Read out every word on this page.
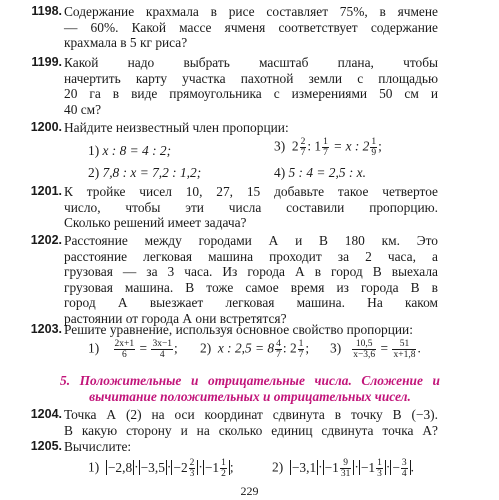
1198. Содержание крахмала в рисе составляет 75%, в ячмене
— 60%. Какой массе ячменя соответствует содержание
крахмала в 5 кг риса?
1199. Какой надо выбрать масштаб плана, чтобы
начертить карту участка пахотной земли с площадью
20 га в виде прямоугольника с измерениями 50 см и
40 см?
1200. Найдите неизвестный член пропорции:
1) x : 8 = 4 : 2;	3) $2 \frac{2}{7}$ : $1 \frac{1}{7} = x$ : $2 \frac{1}{9}$ ;
2) 7,8 : x = 7,2 : 1,2;	4) 5 : 4 = 2,5 : x.
1201. К тройке чисел 10, 27, 15 добавьте такое четвертое
число, чтобы эти числа составили пропорцию.
Сколько решений имеет задача?
1202. Расстояние между городами А и В 180 км. Это
расстояние легковая машина проходит за 2 часа, а
грузовая — за 3 часа. Из города А в город В выехала
грузовая машина. В тоже самое время из города В в
город А выезжает легковая машина. На каком
растоянии от города А они встретятся?
1203. Решите уравнение, используя основное свойство пропорции:
$1) \frac{2x+1}{6} = \frac{3x-1}{4}$ ; 2) x : $2,5 = 8 \frac{4}{7}$ : $2 \frac{1}{7}$ ; $3) \frac{10,5}{x-3,6} = \frac{51}{x+1,8}$ .
5. Положительные и отрицательные числа. Сложение и
вычитание положительных и отрицательных чисел.
1204. Точка А (2) на оси координат сдвинута в точку В (−3).
В какую сторону и на сколько единиц сдвинута точка А?
1205. Вычислите:
$1) -2,8 \cdot -3,5 \cdot -2 \frac{2}{3} \cdot -1 \frac{1}{2}$ ;	$2) -3,1 \cdot -1 \frac{9}{31} \cdot -1 \frac{1}{3}$ · − $\frac{3}{4}$ .
229
